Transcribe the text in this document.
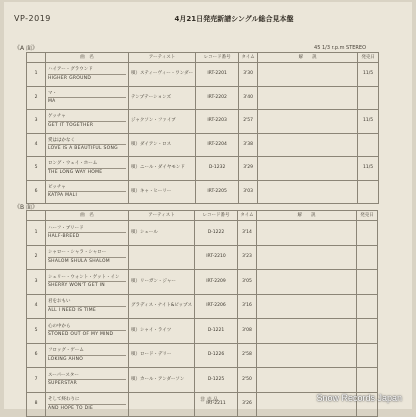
VP-2019	4月21日発売新譜シングル総合見本盤
《A 面》	45 1/3 r.p.m STEREO
	曲　名	アーティスト	レコード番号	タイム	解　　説	発売日
1	ハイアー・グラウンド
HIGHER GROUND	唄）スティーヴィー・ワンダー	IRT-2201	3'30		11/5
2	マ・
MA	テンプテーションズ	IRT-2202	3'40		
3	ゲッチャ
GET IT TOGETHER	ジャクソン・ファイブ	IRT-2203	2'57		11/5
4	愛ははかなく
LOVE IS A BEAUTIFUL SONG	唄）ダイアン・ロス	IRT-2204	3'38		
5	ロング・ウェイ・ホーム
THE LONG WAY HOME	唄）ニール・ダイヤモンド	D-1232	3'29		11/5
6	ビッチャ
KATPA MALI	唄）キャ・ヒーリー	IRT-2205	3'03		
《B 面》
	曲　名	アーティスト	レコード番号	タイム	解　　説	発売日
1	ハーフ・ブリード
HALF-BREED	唄）シェール	D-1222	3'14		
2	シャロー・シャラ・シャロー
SHALOM SHULA SHALOM		IRT-2210	3'23		
3	シェリー・ウォント・ゲット・イン
SHERRY WON'T GET IN	唄）リーガン・ジャー	IRT-2209	3'05		
4	君をおもい
ALL I NEED IS TIME	グラディス・ナイト&ピップス	IRT-2206	3'16		
5	心の中から
STONED OUT OF MY MIND	唄）シャイ・ライツ	D-1221	3'08		
6	フロッグ・ゲーム
LOKING AHNO	唄）ロード・デリー	D-1226	2'58		
7	スーパースター
SUPERSTAR	唄）カール・アンダーソン	D-1225	2'50		
8	そして終わりに
AND HOPE TO DIE		IRT-2211	3'26		
非 売 品	Snow Records Japan
